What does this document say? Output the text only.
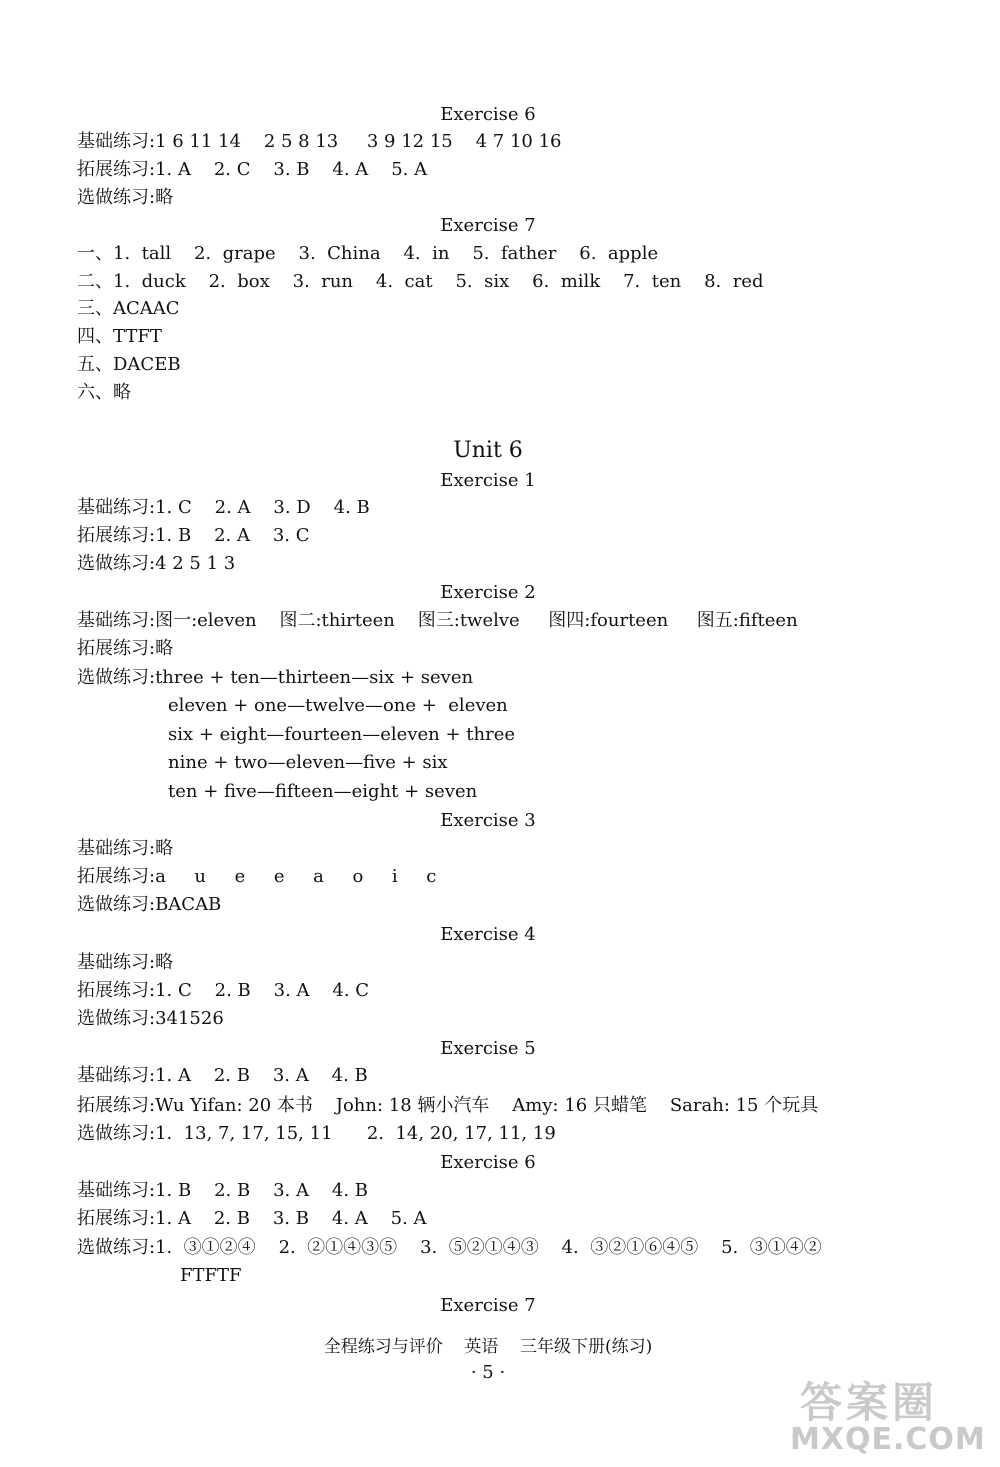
Exercise 6
基础练习:1 6 11 14    2 5 8 13     3 9 12 15    4 7 10 16
拓展练习:1. A    2. C    3. B    4. A    5. A
选做练习:略
Exercise 7
一、1.  tall    2.  grape    3.  China    4.  in    5.  father    6.  apple
二、1.  duck    2.  box    3.  run    4.  cat    5.  six    6.  milk    7.  ten    8.  red
三、ACAAC
四、TTFT
五、DACEB
六、略
Unit 6
Exercise 1
基础练习:1. C    2. A    3. D    4. B
拓展练习:1. B    2. A    3. C
选做练习:4 2 5 1 3
Exercise 2
基础练习:图一:eleven    图二:thirteen    图三:twelve     图四:fourteen     图五:fifteen
拓展练习:略
选做练习:three + ten—thirteen—six + seven
eleven + one—twelve—one +  eleven
six + eight—fourteen—eleven + three
nine + two—eleven—five + six
ten + five—fifteen—eight + seven
Exercise 3
基础练习:略
拓展练习:a     u     e     e     a     o     i     c
选做练习:BACAB
Exercise 4
基础练习:略
拓展练习:1. C    2. B    3. A    4. C
选做练习:341526
Exercise 5
基础练习:1. A    2. B    3. A    4. B
拓展练习:Wu Yifan: 20 本书    John: 18 辆小汽车    Amy: 16 只蜡笔    Sarah: 15 个玩具
选做练习:1.  13, 7, 17, 15, 11      2.  14, 20, 17, 11, 19
Exercise 6
基础练习:1. B    2. B    3. A    4. B
拓展练习:1. A    2. B    3. B    4. A    5. A
选做练习:1.  ③①②④    2.  ②①④③⑤    3.  ⑤②①④③    4.  ③②①⑥④⑤    5.  ③①④②
FTFTF
Exercise 7
全程练习与评价    英语    三年级下册(练习)
· 5 ·
答案圈
MXQE.COM
